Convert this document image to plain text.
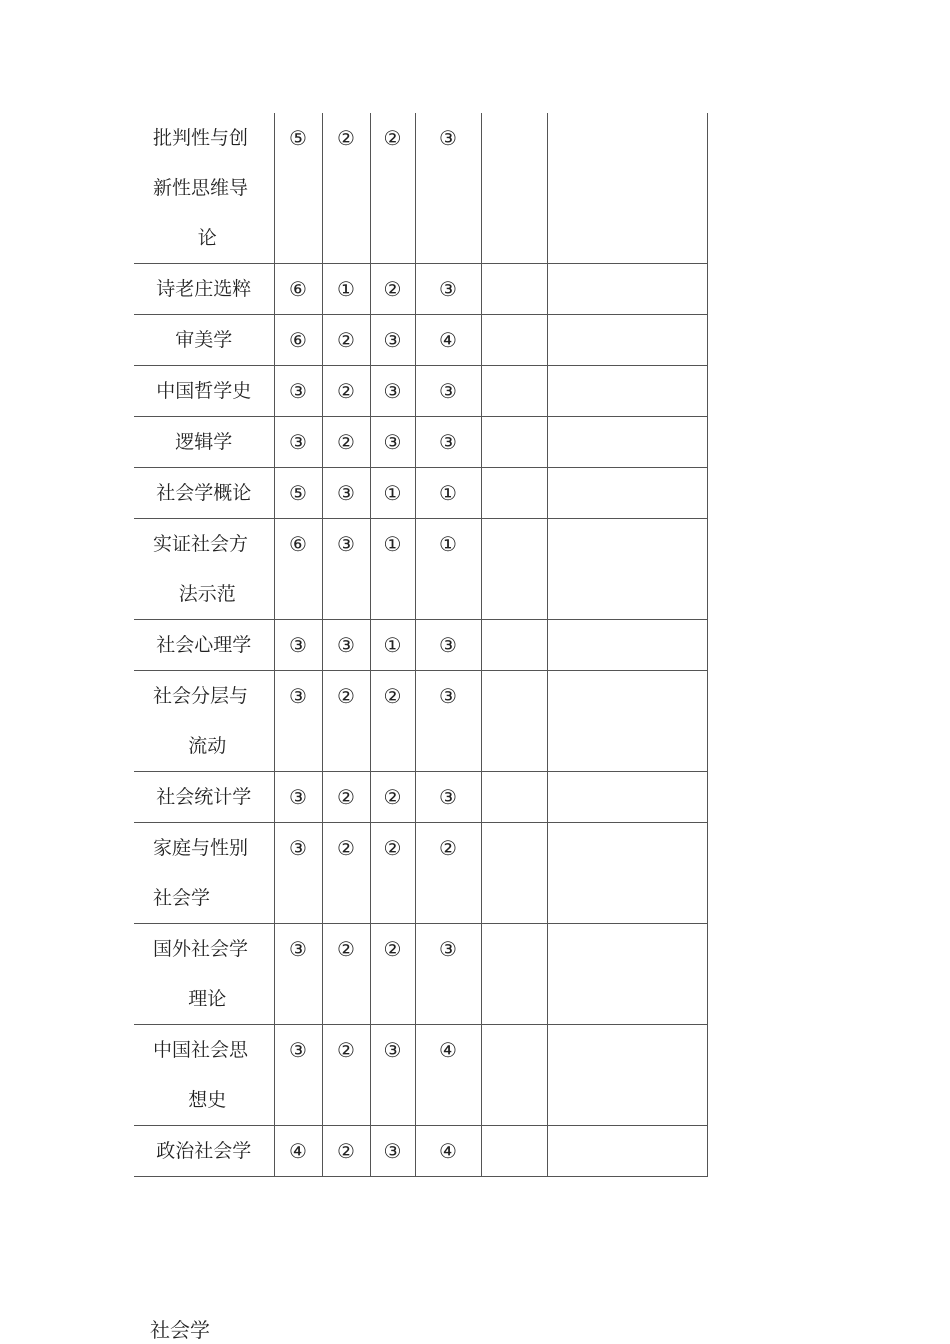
批判性与创
新性思维导
论	⑤	②	②	③		

诗老庄选粹	⑥	①	②	③		

审美学	⑥	②	③	④		

中国哲学史	③	②	③	③		

逻辑学	③	②	③	③		

社会学概论	⑤	③	①	①		

实证社会方
法示范	⑥	③	①	①		

社会心理学	③	③	①	③		

社会分层与
流动	③	②	②	③		

社会统计学	③	②	②	③		

家庭与性别
社会学	③	②	②	②		

国外社会学
理论	③	②	②	③		

中国社会思
想史	③	②	③	④		

政治社会学	④	②	③	④		
社会学
